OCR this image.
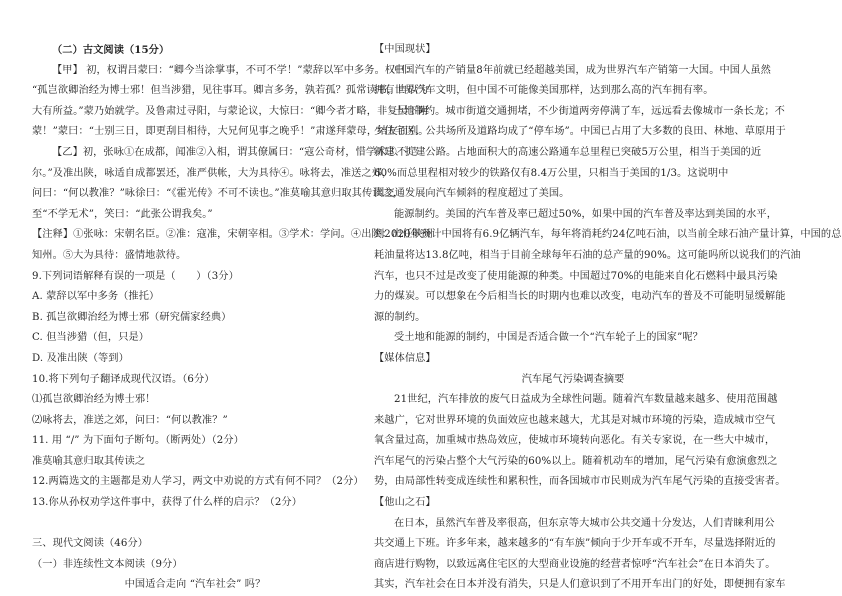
（二）古文阅读（15分）
【甲】 初，权谓吕蒙曰：“卿今当涂掌事，不可不学！”蒙辞以军中多务。权曰：
“孤岂欲卿治经为博士邪！但当涉猎，见往事耳。卿言多务，孰若孤？孤常读书，自以为
大有所益。”蒙乃始就学。及鲁肃过寻阳，与蒙论议，大惊曰：“卿今者才略，非复吴下阿
蒙！”蒙曰：“士别三日，即更刮目相待，大兄何见事之晚乎！”肃遂拜蒙母，结友而别。
【乙】初，张咏①在成都，闻准②入相，谓其僚属曰：“寇公奇材，惜学术③不足
尔。”及准出陕，咏适自成都罢还，准严供帐，大为具待④。咏将去，准送之郊，
问曰：“何以教准？”咏徐曰：“《霍光传》不可不读也。”准莫喻其意归取其传读之，
至“不学无术”，笑曰：“此张公谓我矣。”
【注释】①张咏：宋朝名臣。②准：寇准，宋朝宰相。③学术：学问。④出陕：出任陕州
知州。⑤大为具待：盛情地款待。
9.下列词语解释有误的一项是（　　）（3分）
A. 蒙辞以军中多务（推托）
B. 孤岂欲卿治经为博士邪（研究儒家经典）
C. 但当涉猎（但，只是）
D. 及准出陕（等到）
10.将下列句子翻译成现代汉语。（6分）
⑴孤岂欲卿治经为博士邪！
⑵咏将去，准送之郊，问曰：“何以教准？”
11. 用 “/” 为下面句子断句。（断两处）（2分）
准莫喻其意归取其传读之
12.两篇选文的主题都是劝人学习，两文中劝说的方式有何不同？（2分）
13.你从孙权劝学这件事中，获得了什么样的启示？（2分）
三、现代文阅读（46分）
（一）非连续性文本阅读（9分）
中国适合走向 “汽车社会” 吗？
【中国现状】
中国汽车的产销量8年前就已经超越美国，成为世界汽车产销第一大国。中国人虽然
拥有世界汽车文明，但中国不可能像美国那样，达到那么高的汽车拥有率。
土地制约。城市街道交通拥堵，不少街道两旁停满了车，远远看去像城市一条长龙；不
少住宅区、公共场所及道路均成了“停车场”。中国已占用了大多数的良田、林地、草原用于
新建、扩建公路。占地面积大的高速公路通车总里程已突破5万公里，相当于美国的近
60%而总里程相对较少的铁路仅有8.4万公里，只相当于美国的1/3。这说明中
国交通发展向汽车倾斜的程度超过了美国。
能源制约。美国的汽车普及率已超过50%，如果中国的汽车普及率达到美国的水平，
到2020年预计中国将有6.9亿辆汽车，每年将消耗约24亿吨石油，以当前全球石油产量计算，中国的总
耗油量将达13.8亿吨，相当于目前全球每年石油的总产量的90%。这可能吗所以说我们的汽油
汽车，也只不过是改变了使用能源的种类。中国超过70%的电能来自化石燃料中最具污染
力的煤炭。可以想象在今后相当长的时期内也难以改变，电动汽车的普及不可能明显缓解能
源的制约。
受土地和能源的制约，中国是否适合做一个“汽车轮子上的国家”呢？
【媒体信息】
汽车尾气污染调查摘要
21世纪，汽车排放的废气日益成为全球性问题。随着汽车数量越来越多、使用范围越
来越广，它对世界环境的负面效应也越来越大，尤其是对城市环境的污染，造成城市空气
氧含量过高，加重城市热岛效应，使城市环境转向恶化。有关专家说，在一些大中城市，
汽车尾气的污染占整个大气污染的60%以上。随着机动车的增加，尾气污染有愈演愈烈之
势，由局部性转变成连续性和累积性，而各国城市市民则成为汽车尾气污染的直接受害者。
【他山之石】
在日本，虽然汽车普及率很高，但东京等大城市公共交通十分发达，人们青睐利用公
共交通上下班。许多年来，越来越多的“有车族”倾向于少开车或不开车，尽量选择附近的
商店进行购物，以致远离住宅区的大型商业设施的经营者惊呼“汽车社会”在日本消失了。
其实，汽车社会在日本并没有消失，只是人们意识到了不用开车出门的好处，即便拥有家车
